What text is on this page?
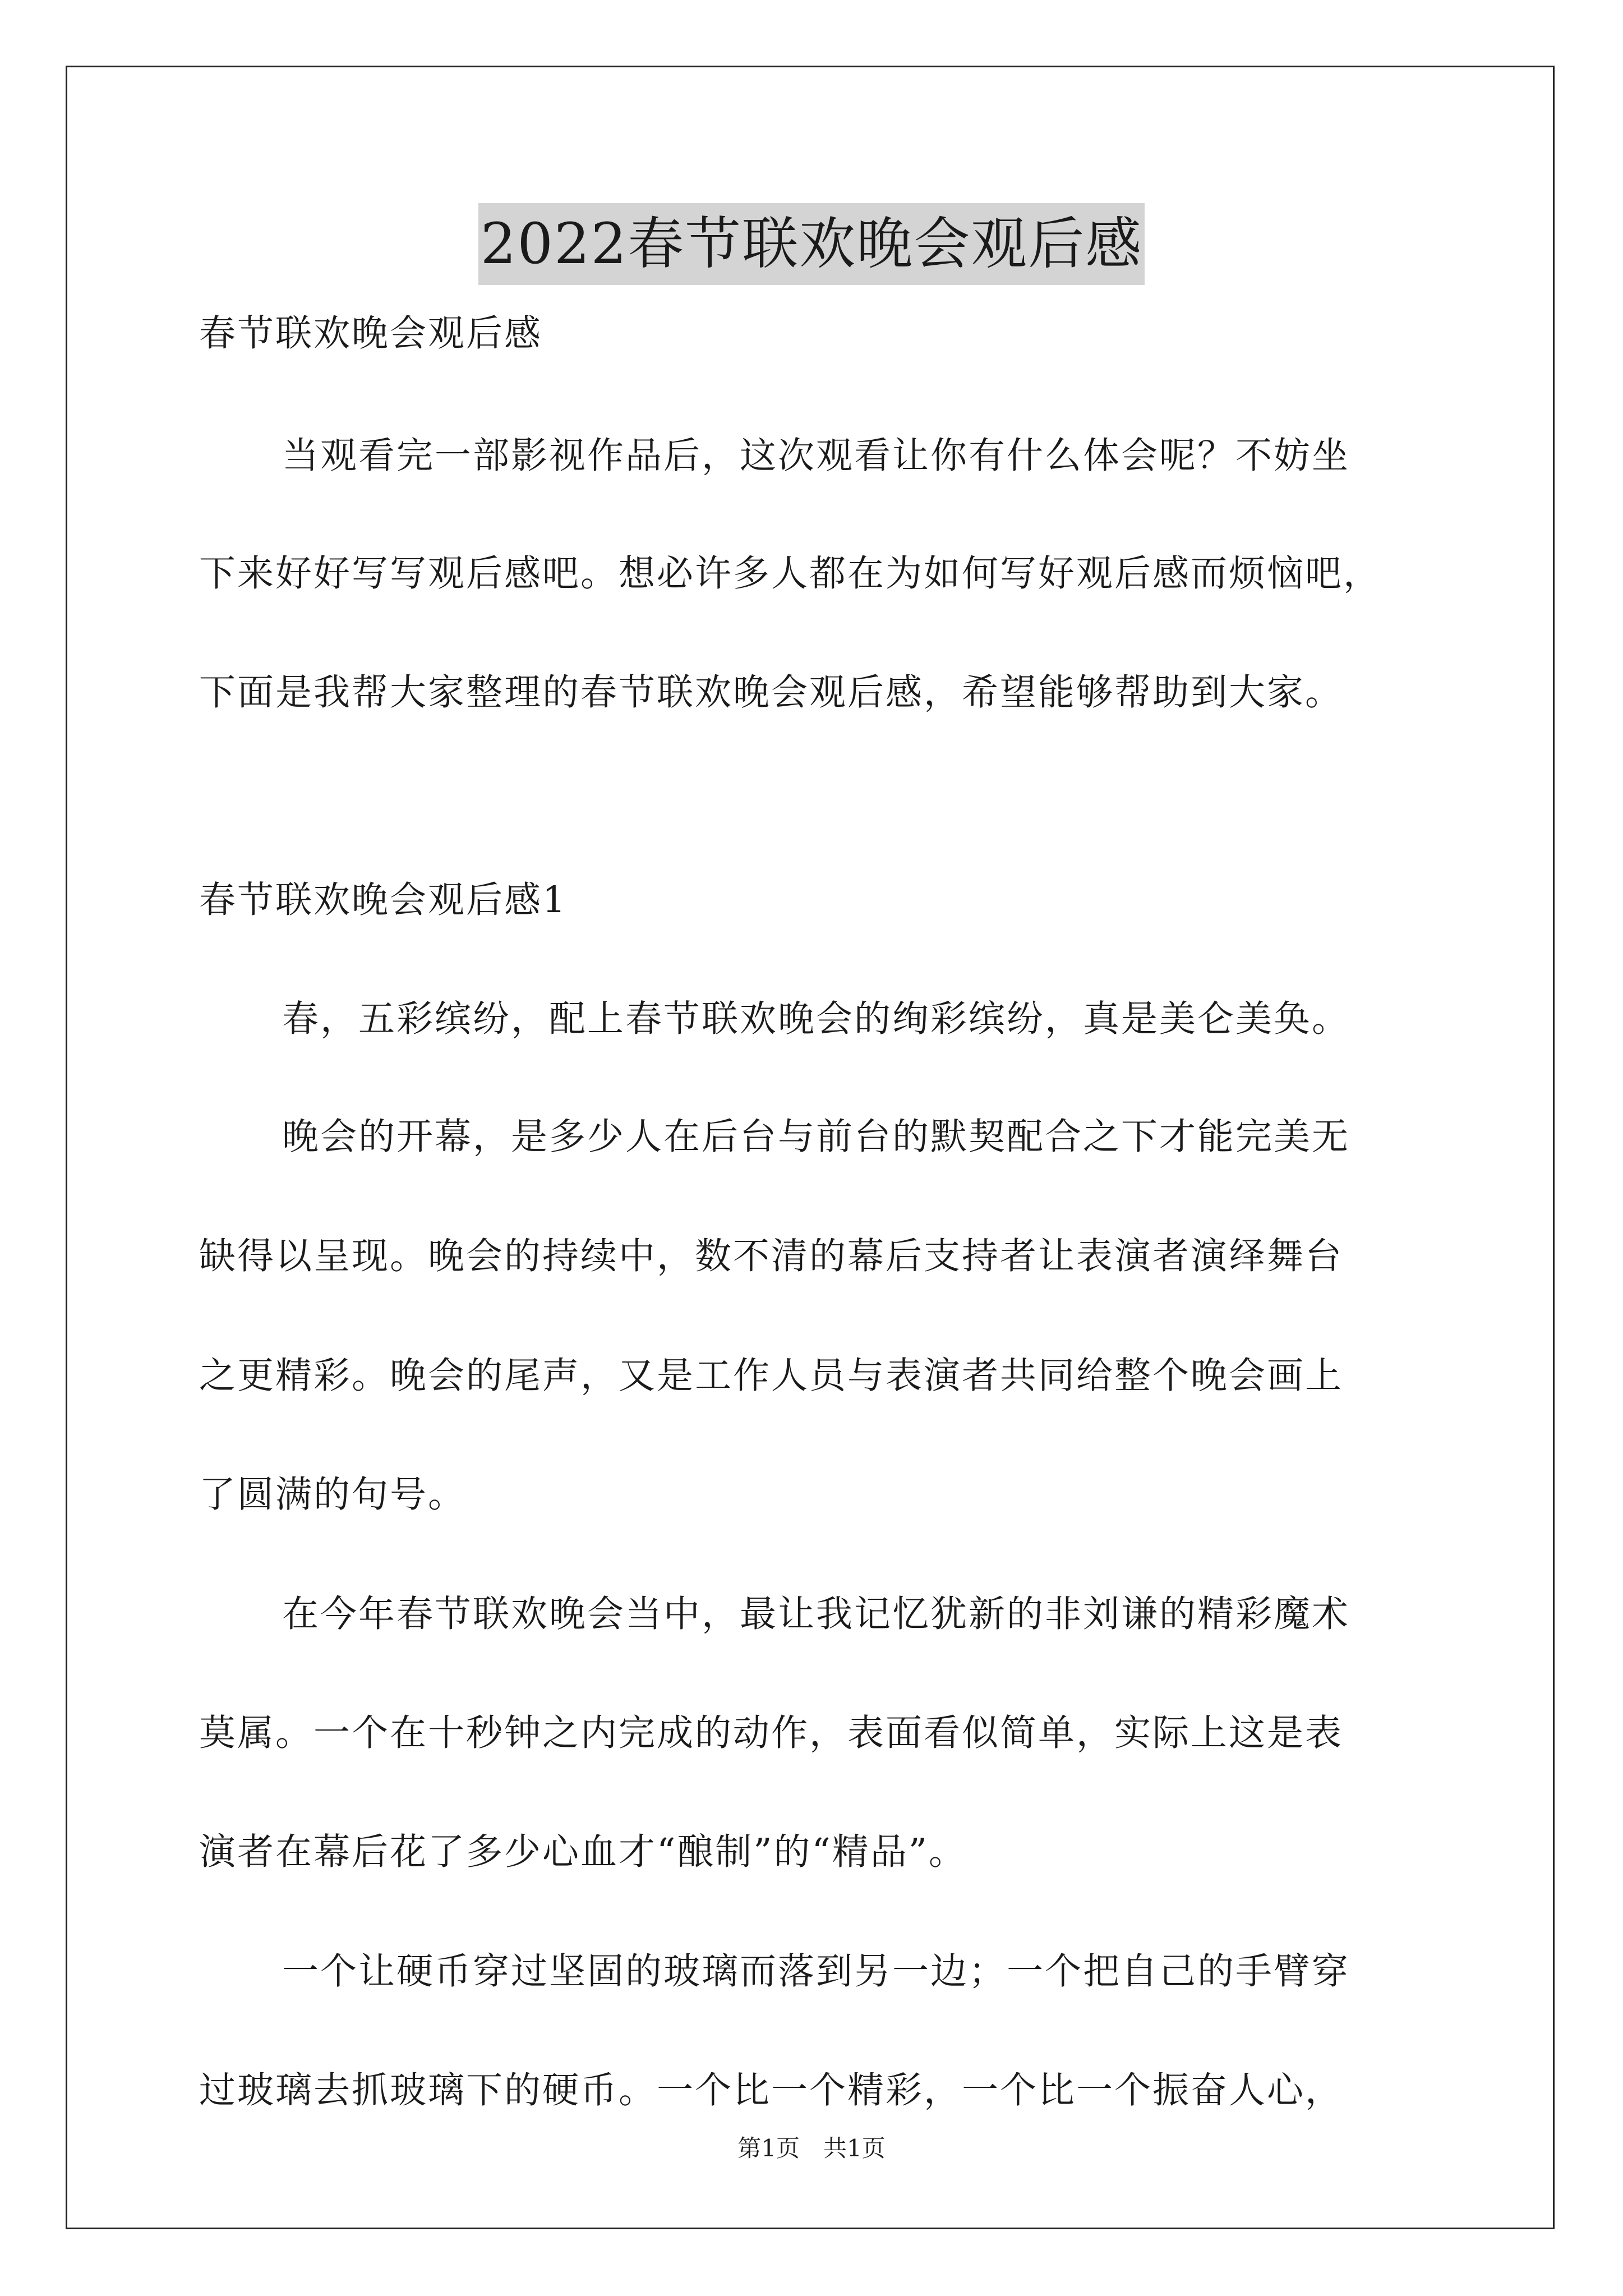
2022春节联欢晚会观后感
春节联欢晚会观后感
当观看完一部影视作品后，这次观看让你有什么体会呢？不妨坐
下来好好写写观后感吧。想必许多人都在为如何写好观后感而烦恼吧，
下面是我帮大家整理的春节联欢晚会观后感，希望能够帮助到大家。
春节联欢晚会观后感1
春，五彩缤纷，配上春节联欢晚会的绚彩缤纷，真是美仑美奂。
晚会的开幕，是多少人在后台与前台的默契配合之下才能完美无
缺得以呈现。晚会的持续中，数不清的幕后支持者让表演者演绎舞台
之更精彩。晚会的尾声，又是工作人员与表演者共同给整个晚会画上
了圆满的句号。
在今年春节联欢晚会当中，最让我记忆犹新的非刘谦的精彩魔术
莫属。一个在十秒钟之内完成的动作，表面看似简单，实际上这是表
演者在幕后花了多少心血才“酿制”的“精品”。
一个让硬币穿过坚固的玻璃而落到另一边；一个把自己的手臂穿
过玻璃去抓玻璃下的硬币。一个比一个精彩，一个比一个振奋人心，
第1页　共1页
